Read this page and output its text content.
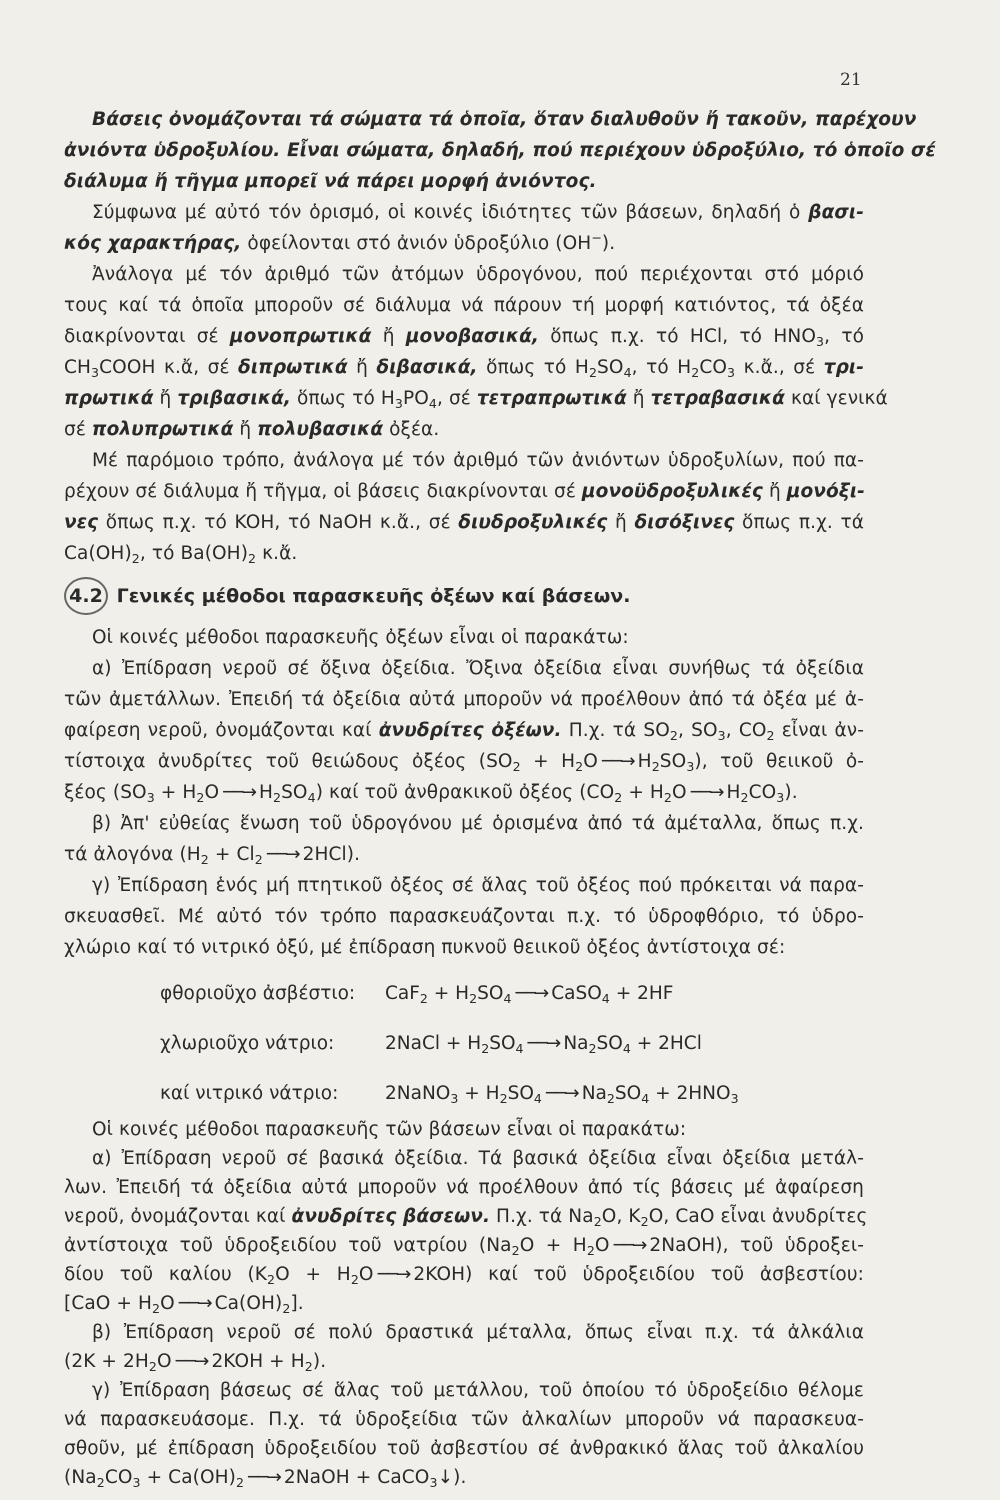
21
Βάσεις ὀνομάζονται τά σώματα τά ὁποῖα, ὅταν διαλυθοῦν ἤ τακοῦν, παρέχουν
ἀνιόντα ὑδροξυλίου. Εἶναι σώματα, δηλαδή, πού περιέχουν ὑδροξύλιο, τό ὁποῖο σέ
διάλυμα ἤ τῆγμα μπορεῖ νά πάρει μορφή ἀνιόντος.
Σύμφωνα μέ αὐτό τόν ὁρισμό, οἱ κοινές ἰδιότητες τῶν βάσεων, δηλαδή ὁ βασι-
κός χαρακτήρας, ὀφείλονται στό ἀνιόν ὑδροξύλιο (OH−).
Ἀνάλογα μέ τόν ἀριθμό τῶν ἀτόμων ὑδρογόνου, πού περιέχονται στό μόριό
τους καί τά ὁποῖα μποροῦν σέ διάλυμα νά πάρουν τή μορφή κατιόντος, τά ὀξέα
διακρίνονται σέ μονοπρωτικά ἤ μονοβασικά, ὅπως π.χ. τό HCl, τό $HNO_3$, τό
$CH_3COOH$ κ.ἄ, σέ διπρωτικά ἤ διβασικά, ὅπως τό $H_2SO_4$, τό $H_2CO_3$ κ.ἄ., σέ τρι-
πρωτικά ἤ τριβασικά, ὅπως τό $H_3PO_4$, σέ τετραπρωτικά ἤ τετραβασικά καί γενικά
σέ πολυπρωτικά ἤ πολυβασικά ὀξέα.
Μέ παρόμοιο τρόπο, ἀνάλογα μέ τόν ἀριθμό τῶν ἀνιόντων ὑδροξυλίων, πού πα-
ρέχουν σέ διάλυμα ἤ τῆγμα, οἱ βάσεις διακρίνονται σέ μονοϋδροξυλικές ἤ μονόξι-
νες ὅπως π.χ. τό KOH, τό NaOH κ.ἄ., σέ διυδροξυλικές ἤ δισόξινες ὅπως π.χ. τά
$Ca(OH)_2$, τό $Ba(OH)_2$ κ.ἄ.
4.2 Γενικές μέθοδοι παρασκευῆς ὀξέων καί βάσεων.
Οἱ κοινές μέθοδοι παρασκευῆς ὀξέων εἶναι οἱ παρακάτω:
α) Ἐπίδραση νεροῦ σέ ὄξινα ὀξείδια. Ὄξινα ὀξείδια εἶναι συνήθως τά ὀξείδια
τῶν ἀμετάλλων. Ἐπειδή τά ὀξείδια αὐτά μποροῦν νά προέλθουν ἀπό τά ὀξέα μέ ἀ-
φαίρεση νεροῦ, ὀνομάζονται καί ἀνυδρίτες ὀξέων. Π.χ. τά $SO_2$, $SO_3$, $CO_2$ εἶναι ἀν-
τίστοιχα ἀνυδρίτες τοῦ θειώδους ὀξέος ($SO_2 + H_2O$ ──→ $H_2SO_3$), τοῦ θειικοῦ ὀ-
ξέος ($SO_3 + H_2O$ ──→ $H_2SO_4$) καί τοῦ ἀνθρακικοῦ ὀξέος ($CO_2 + H_2O$ ──→ $H_2CO_3$).
β) Ἀπ' εὐθείας ἕνωση τοῦ ὑδρογόνου μέ ὁρισμένα ἀπό τά ἀμέταλλα, ὅπως π.χ.
τά ἀλογόνα ($H_2 + Cl_2$ ──→ 2HCl).
γ) Ἐπίδραση ἑνός μή πτητικοῦ ὀξέος σέ ἅλας τοῦ ὀξέος πού πρόκειται νά παρα-
σκευασθεῖ. Μέ αὐτό τόν τρόπο παρασκευάζονται π.χ. τό ὑδροφθόριο, τό ὑδρο-
χλώριο καί τό νιτρικό ὀξύ, μέ ἐπίδραση πυκνοῦ θειικοῦ ὀξέος ἀντίστοιχα σέ:
φθοριοῦχο ἀσβέστιο: $CaF_2 + H_2SO_4$ ──→ CaSO$_4$ + 2HF
χλωριοῦχο νάτριο:	2NaCl + $H_2SO_4$ ──→ $Na_2SO_4 + 2HCl$
καί νιτρικό νάτριο:	2NaNO$_3$ + $H_2SO_4$ ──→ $Na_2SO_4 + 2HNO_3$
Οἱ κοινές μέθοδοι παρασκευῆς τῶν βάσεων εἶναι οἱ παρακάτω:
α) Ἐπίδραση νεροῦ σέ βασικά ὀξείδια. Τά βασικά ὀξείδια εἶναι ὀξείδια μετάλ-
λων. Ἐπειδή τά ὀξείδια αὐτά μποροῦν νά προέλθουν ἀπό τίς βάσεις μέ ἀφαίρεση
νεροῦ, ὀνομάζονται καί ἀνυδρίτες βάσεων. Π.χ. τά $Na_2O$, $K_2O$, CaO εἶναι ἀνυδρίτες
ἀντίστοιχα τοῦ ὑδροξειδίου τοῦ νατρίου ($Na_2O + H_2O$ ──→ 2NaOH), τοῦ ὑδροξει-
δίου τοῦ καλίου ($K_2O + H_2O$ ──→ 2KOH) καί τοῦ ὑδροξειδίου τοῦ ἀσβεστίου:
[$CaO + H_2O$ ──→ $Ca(OH)_2$].
β) Ἐπίδραση νεροῦ σέ πολύ δραστικά μέταλλα, ὅπως εἶναι π.χ. τά ἀλκάλια
($2K + 2H_2O$ ──→ $2KOH + H_2$).
γ) Ἐπίδραση βάσεως σέ ἅλας τοῦ μετάλλου, τοῦ ὁποίου τό ὑδροξείδιο θέλομε
νά παρασκευάσομε. Π.χ. τά ὑδροξείδια τῶν ἀλκαλίων μποροῦν νά παρασκευα-
σθοῦν, μέ ἐπίδραση ὑδροξειδίου τοῦ ἀσβεστίου σέ ἀνθρακικό ἅλας τοῦ ἀλκαλίου
($Na_2CO_3 + Ca(OH)_2$ ──→ 2NaOH + CaCO$_3$↓).
